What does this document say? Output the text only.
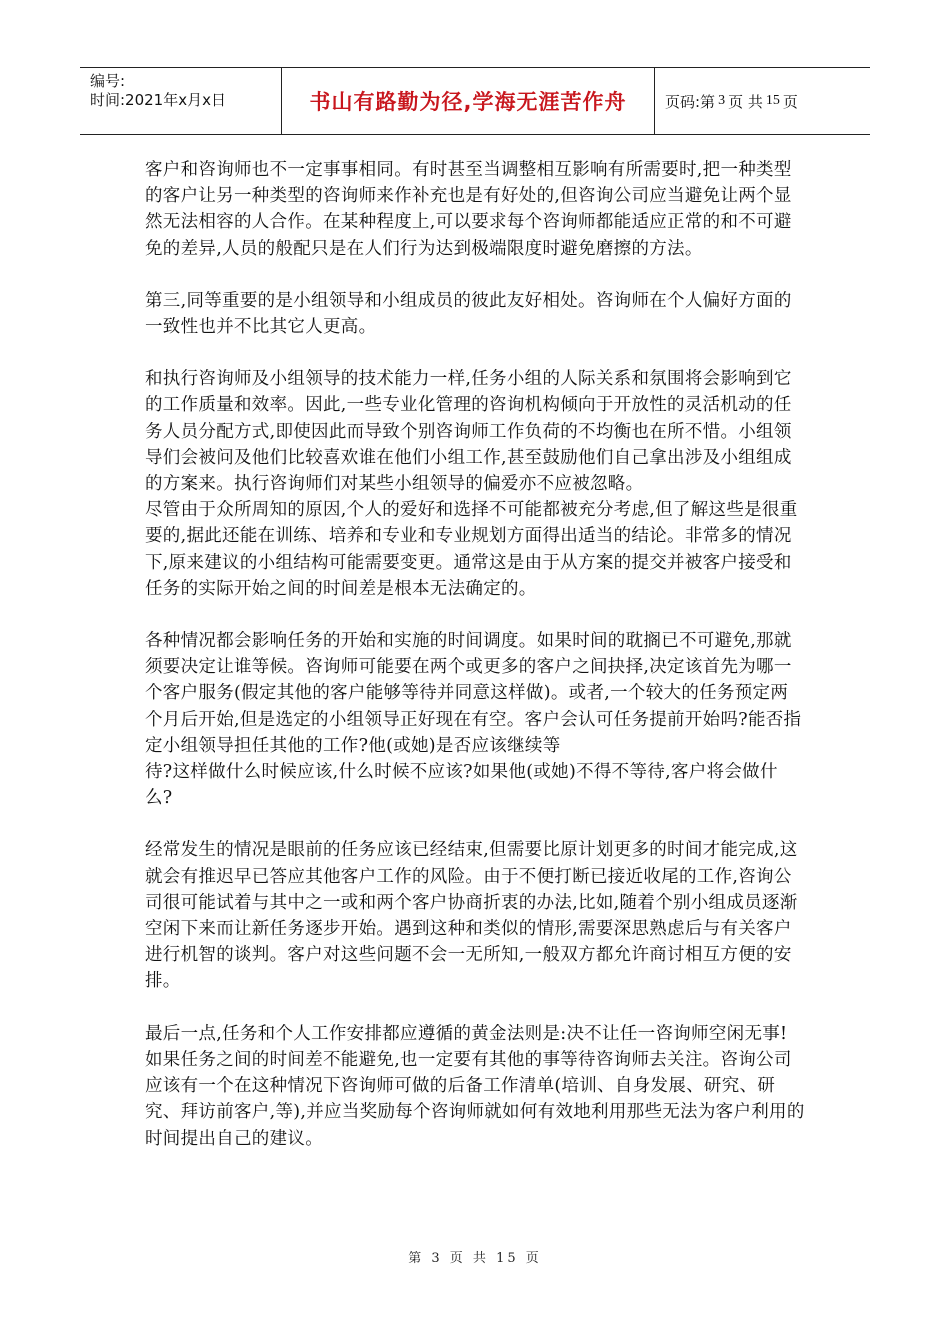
编号:
时间:2021年x月x日	书山有路勤为径,学海无涯苦作舟	页码:第 3 页 共 15 页

客户和咨询师也不一定事事相同。有时甚至当调整相互影响有所需要时,把一种类型的客户让另一种类型的咨询师来作补充也是有好处的,但咨询公司应当避免让两个显然无法相容的人合作。在某种程度上,可以要求每个咨询师都能适应正常的和不可避免的差异,人员的般配只是在人们行为达到极端限度时避免磨擦的方法。

第三,同等重要的是小组领导和小组成员的彼此友好相处。咨询师在个人偏好方面的一致性也并不比其它人更高。

和执行咨询师及小组领导的技术能力一样,任务小组的人际关系和氛围将会影响到它的工作质量和效率。因此,一些专业化管理的咨询机构倾向于开放性的灵活机动的任务人员分配方式,即使因此而导致个别咨询师工作负荷的不均衡也在所不惜。小组领导们会被问及他们比较喜欢谁在他们小组工作,甚至鼓励他们自己拿出涉及小组组成的方案来。执行咨询师们对某些小组领导的偏爱亦不应被忽略。

尽管由于众所周知的原因,个人的爱好和选择不可能都被充分考虑,但了解这些是很重要的,据此还能在训练、培养和专业和专业规划方面得出适当的结论。非常多的情况下,原来建议的小组结构可能需要变更。通常这是由于从方案的提交并被客户接受和任务的实际开始之间的时间差是根本无法确定的。

各种情况都会影响任务的开始和实施的时间调度。如果时间的耽搁已不可避免,那就须要决定让谁等候。咨询师可能要在两个或更多的客户之间抉择,决定该首先为哪一个客户服务(假定其他的客户能够等待并同意这样做)。或者,一个较大的任务预定两个月后开始,但是选定的小组领导正好现在有空。客户会认可任务提前开始吗?能否指定小组领导担任其他的工作?他(或她)是否应该继续等

待?这样做什么时候应该,什么时候不应该?如果他(或她)不得不等待,客户将会做什么?

经常发生的情况是眼前的任务应该已经结束,但需要比原计划更多的时间才能完成,这就会有推迟早已答应其他客户工作的风险。由于不便打断已接近收尾的工作,咨询公司很可能试着与其中之一或和两个客户协商折衷的办法,比如,随着个别小组成员逐渐空闲下来而让新任务逐步开始。遇到这种和类似的情形,需要深思熟虑后与有关客户进行机智的谈判。客户对这些问题不会一无所知,一般双方都允许商讨相互方便的安排。

最后一点,任务和个人工作安排都应遵循的黄金法则是:决不让任一咨询师空闲无事!如果任务之间的时间差不能避免,也一定要有其他的事等待咨询师去关注。咨询公司应该有一个在这种情况下咨询师可做的后备工作清单(培训、自身发展、研究、研究、拜访前客户,等),并应当奖励每个咨询师就如何有效地利用那些无法为客户利用的时间提出自己的建议。

第 3 页 共 15 页
